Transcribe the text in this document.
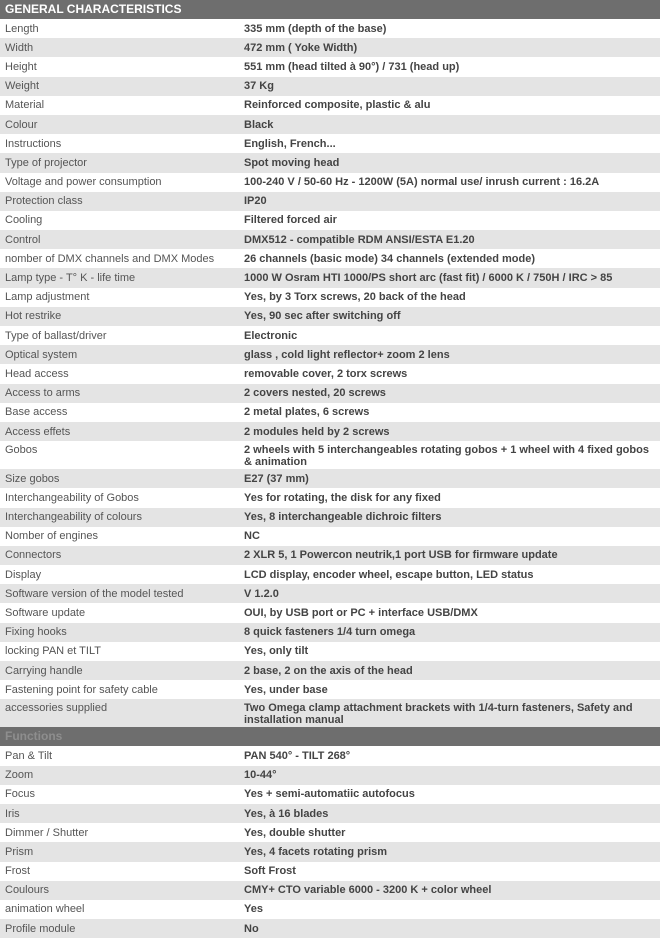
GENERAL CHARACTERISTICS
Length	335 mm (depth of the base)
Width	472 mm ( Yoke Width)
Height	551 mm (head tilted à 90°) / 731 (head up)
Weight	37 Kg
Material	Reinforced composite, plastic & alu
Colour	Black
Instructions	English, French...
Type of projector	Spot moving head
Voltage and power consumption	100-240 V / 50-60 Hz - 1200W (5A) normal use/ inrush current : 16.2A
Protection class	IP20
Cooling	Filtered forced air
Control	DMX512 - compatible RDM ANSI/ESTA E1.20
nomber of DMX channels and DMX Modes	26 channels (basic mode) 34 channels (extended mode)
Lamp type - T° K - life time	1000 W Osram HTI 1000/PS short arc (fast fit) / 6000 K / 750H / IRC > 85
Lamp adjustment	Yes, by 3 Torx screws, 20 back of the head
Hot restrike	Yes, 90 sec after switching off
Type of ballast/driver	Electronic
Optical system	glass , cold light reflector+ zoom 2 lens
Head access	removable cover, 2 torx screws
Access to arms	2 covers nested, 20 screws
Base access	2 metal plates, 6 screws
Access effets	2 modules held by 2 screws
Gobos	2 wheels with 5 interchangeables rotating gobos + 1 wheel with 4 fixed gobos & animation
Size gobos	E27 (37 mm)
Interchangeability of Gobos	Yes for rotating, the disk for any fixed
Interchangeability of colours	Yes, 8 interchangeable dichroic filters
Nomber of engines	NC
Connectors	2 XLR 5, 1 Powercon neutrik,1 port USB for firmware update
Display	LCD display, encoder wheel, escape button, LED status
Software version of the model tested	V 1.2.0
Software update	OUI, by USB port or PC + interface USB/DMX
Fixing hooks	8 quick fasteners 1/4 turn omega
locking PAN et TILT	Yes, only tilt
Carrying handle	2 base, 2 on the axis of the head
Fastening point for safety cable	Yes, under base
accessories supplied	Two Omega clamp attachment brackets with 1/4-turn fasteners, Safety and installation manual
Functions
Pan & Tilt	PAN 540° - TILT 268°
Zoom	10-44°
Focus	Yes + semi-automatiic autofocus
Iris	Yes, à 16 blades
Dimmer / Shutter	Yes, double shutter
Prism	Yes, 4 facets rotating prism
Frost	Soft Frost
Coulours	CMY+ CTO variable 6000 - 3200 K + color wheel
animation wheel	Yes
Profile module	No
